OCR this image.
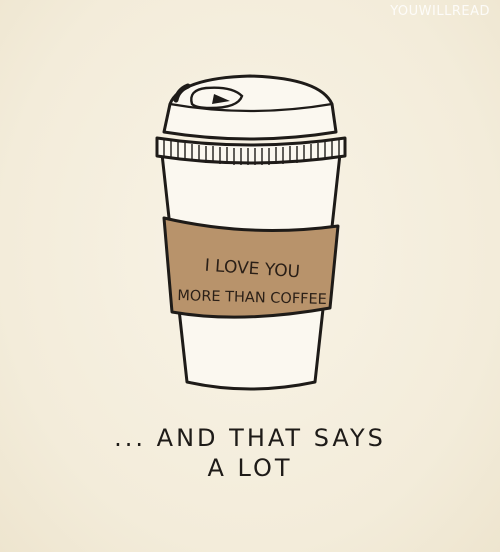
YOUWILLREAD
I LOVE YOU
MORE THAN COFFEE
... AND THAT SAYS
A LOT
